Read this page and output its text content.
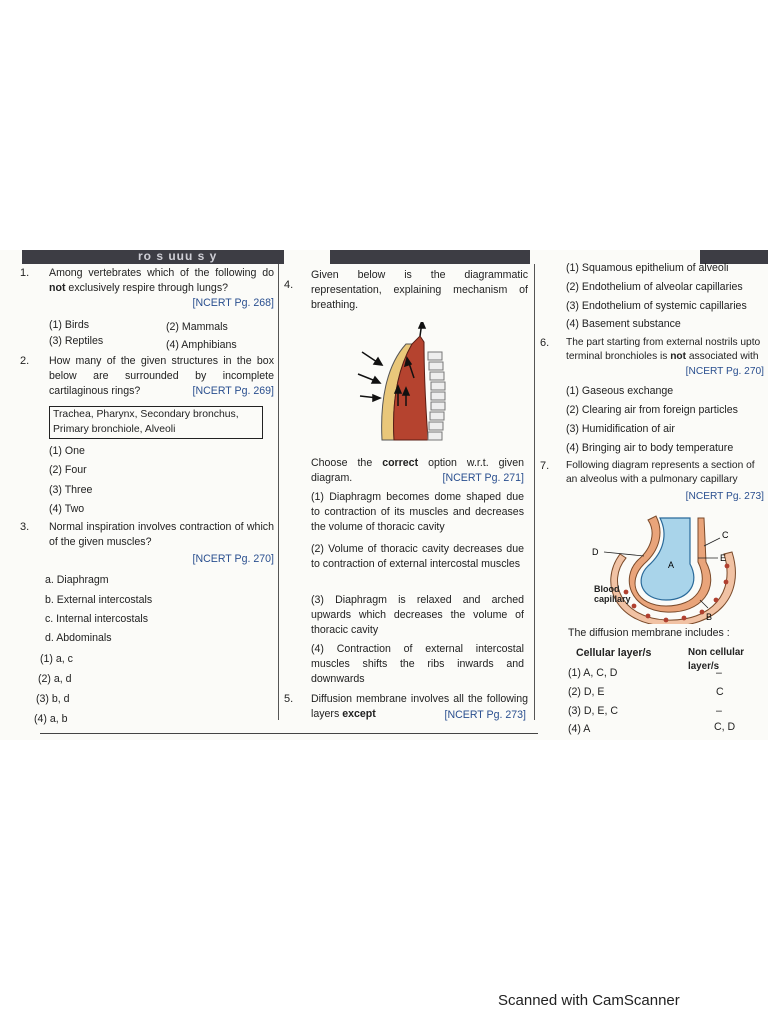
ro s uuu s y
1. Among vertebrates which of the following do not exclusively respire through lungs?
[NCERT Pg. 268]
(1) Birds	(2) Mammals
(3) Reptiles	(4) Amphibians
2. How many of the given structures in the box below are surrounded by incomplete cartilaginous rings?	[NCERT Pg. 269]
Trachea, Pharynx, Secondary bronchus, Primary bronchiole, Alveoli
(1) One
(2) Four
(3) Three
(4) Two
3. Normal inspiration involves contraction of which of the given muscles?
[NCERT Pg. 270]
a. Diaphragm
b. External intercostals
c. Internal intercostals
d. Abdominals
(1) a, c
(2) a, d
(3) b, d
(4) a, b
4.
Given below is the diagrammatic representation, explaining mechanism of breathing.
Choose the correct option w.r.t. given diagram.	[NCERT Pg. 271]
(1) Diaphragm becomes dome shaped due to contraction of its muscles and decreases the volume of thoracic cavity
(2) Volume of thoracic cavity decreases due to contraction of external intercostal muscles
(3) Diaphragm is relaxed and arched upwards which decreases the volume of thoracic cavity
(4) Contraction of external intercostal muscles shifts the ribs inwards and downwards
5. Diffusion membrane involves all the following layers except	[NCERT Pg. 273]
(1) Squamous epithelium of alveoli
(2) Endothelium of alveolar capillaries
(3) Endothelium of systemic capillaries
(4) Basement substance
6. The part starting from external nostrils upto terminal bronchioles is not associated with
[NCERT Pg. 270]
(1) Gaseous exchange
(2) Clearing air from foreign particles
(3) Humidification of air
(4) Bringing air to body temperature
7. Following diagram represents a section of an alveolus with a pulmonary capillary
[NCERT Pg. 273]
A
D
C
E
B
Blood capillary
The diffusion membrane includes :
Cellular layer/s	Non cellular layer/s
(1) A, C, D	–
(2) D, E	C
(3) D, E, C	–
(4) A	C, D
Scanned with CamScanner
